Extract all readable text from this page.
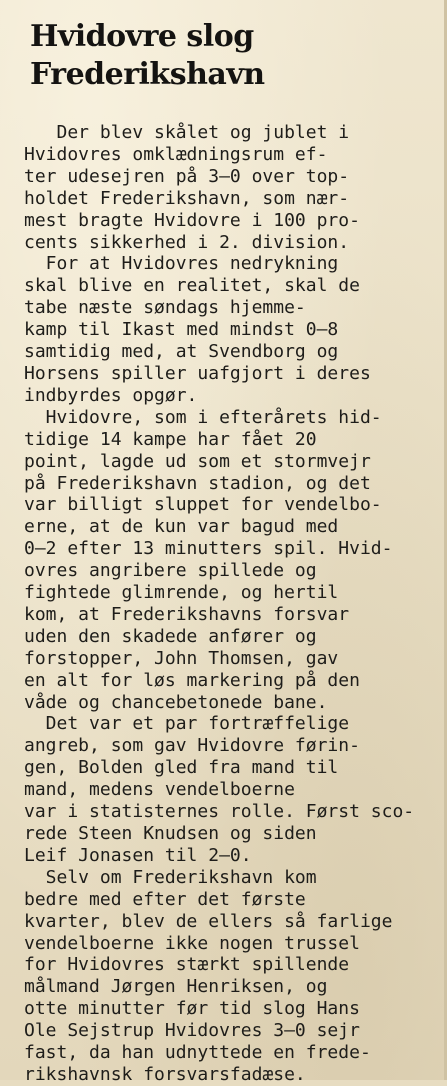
Hvidovre slog
Frederikshavn
Der blev skålet og jublet i
Hvidovres omklædningsrum ef-
ter udesejren på 3—0 over top-
holdet Frederikshavn, som nær-
mest bragte Hvidovre i 100 pro-
cents sikkerhed i 2. division.
For at Hvidovres nedrykning
skal blive en realitet, skal de
tabe næste søndags hjemme-
kamp til Ikast med mindst 0—8
samtidig med, at Svendborg og
Horsens spiller uafgjort i deres
indbyrdes opgør.
Hvidovre, som i efterårets hid-
tidige 14 kampe har fået 20
point, lagde ud som et stormvejr
på Frederikshavn stadion, og det
var billigt sluppet for vendelbo-
erne, at de kun var bagud med
0—2 efter 13 minutters spil. Hvid-
ovres angribere spillede og
fightede glimrende, og hertil
kom, at Frederikshavns forsvar
uden den skadede anfører og
forstopper, John Thomsen, gav
en alt for løs markering på den
våde og chancebetonede bane.
Det var et par fortræffelige
angreb, som gav Hvidovre førin-
gen, Bolden gled fra mand til
mand, medens vendelboerne
var i statisternes rolle. Først sco-
rede Steen Knudsen og siden
Leif Jonasen til 2—0.
Selv om Frederikshavn kom
bedre med efter det første
kvarter, blev de ellers så farlige
vendelboerne ikke nogen trussel
for Hvidovres stærkt spillende
målmand Jørgen Henriksen, og
otte minutter før tid slog Hans
Ole Sejstrup Hvidovres 3—0 sejr
fast, da han udnyttede en frede-
rikshavnsk forsvarsfadæse.
